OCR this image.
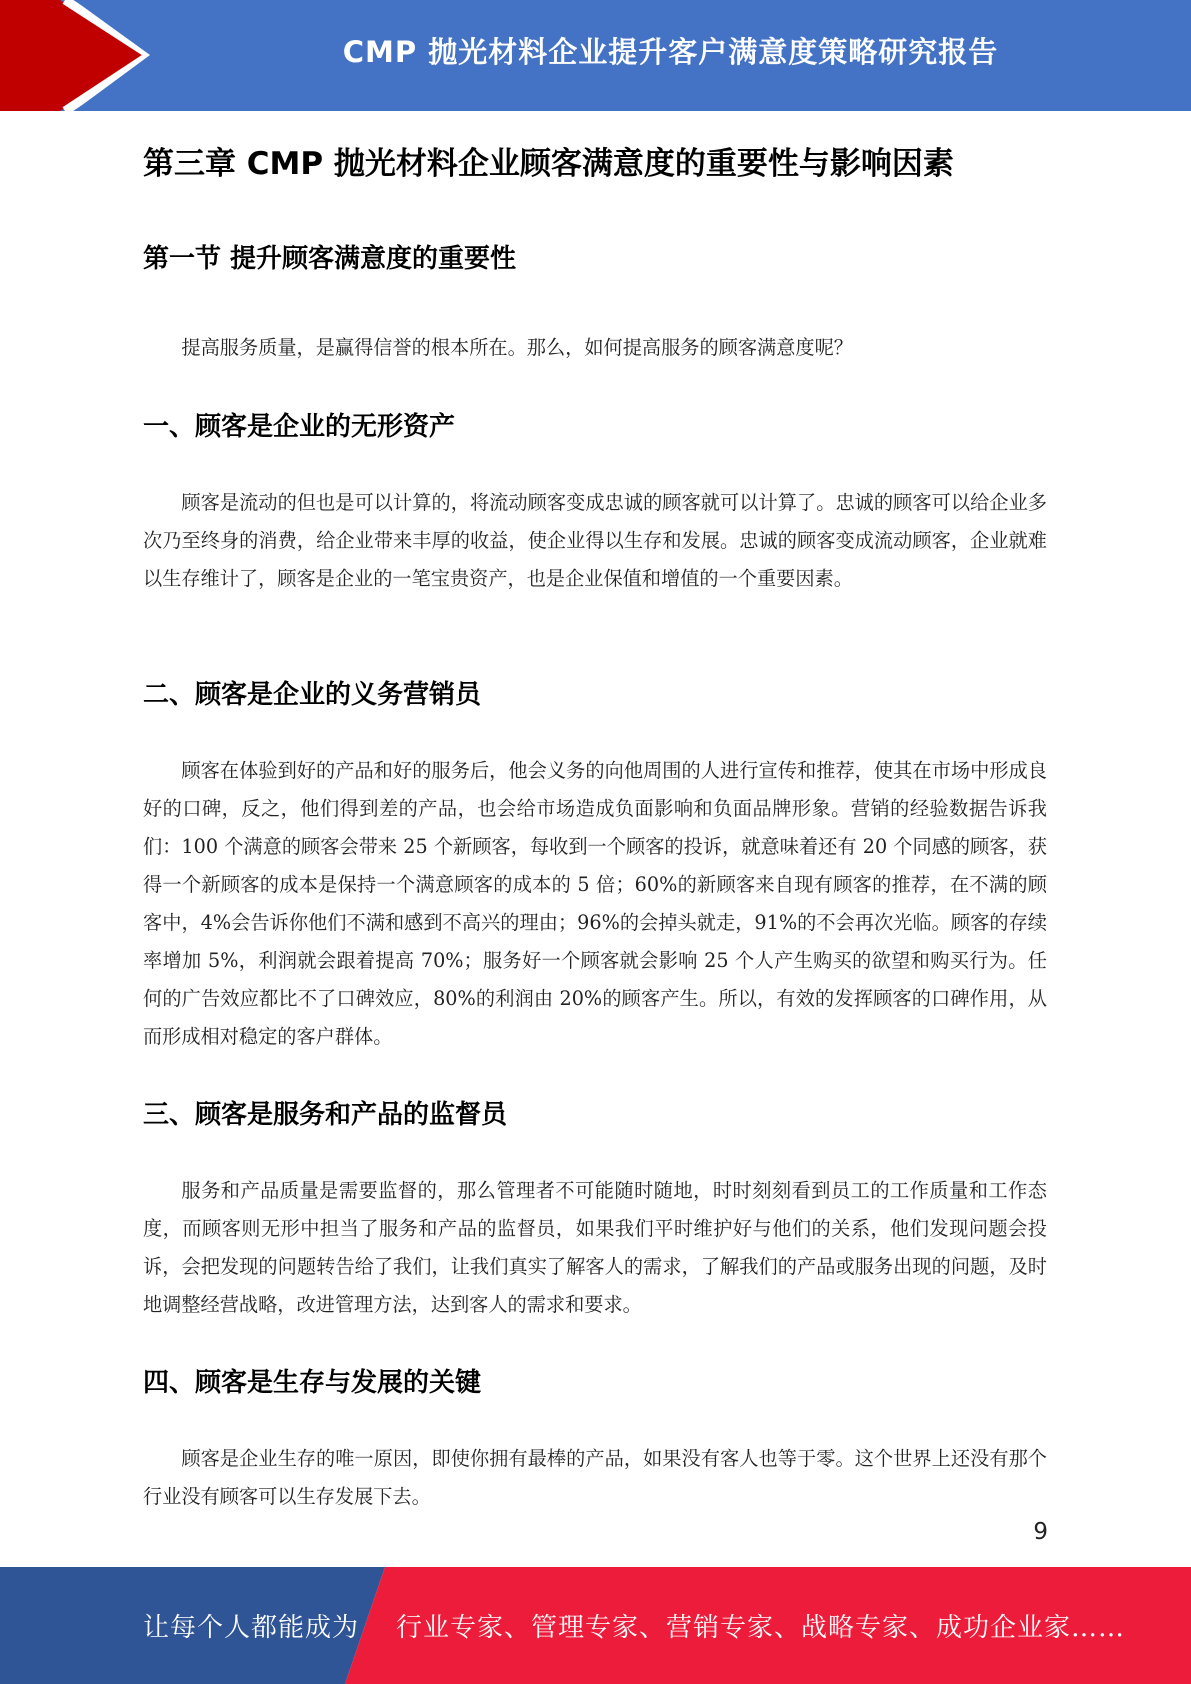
CMP 抛光材料企业提升客户满意度策略研究报告
第三章 CMP 抛光材料企业顾客满意度的重要性与影响因素
第一节 提升顾客满意度的重要性

提高服务质量，是赢得信誉的根本所在。那么，如何提高服务的顾客满意度呢？

一、顾客是企业的无形资产

顾客是流动的但也是可以计算的，将流动顾客变成忠诚的顾客就可以计算了。忠诚的顾客可以给企业多次乃至终身的消费，给企业带来丰厚的收益，使企业得以生存和发展。忠诚的顾客变成流动顾客，企业就难以生存维计了，顾客是企业的一笔宝贵资产，也是企业保值和增值的一个重要因素。

二、顾客是企业的义务营销员

顾客在体验到好的产品和好的服务后，他会义务的向他周围的人进行宣传和推荐，使其在市场中形成良好的口碑，反之，他们得到差的产品，也会给市场造成负面影响和负面品牌形象。营销的经验数据告诉我们：100 个满意的顾客会带来 25 个新顾客，每收到一个顾客的投诉，就意味着还有 20 个同感的顾客，获得一个新顾客的成本是保持一个满意顾客的成本的 5 倍；60%的新顾客来自现有顾客的推荐，在不满的顾客中，4%会告诉你他们不满和感到不高兴的理由；96%的会掉头就走，91%的不会再次光临。顾客的存续率增加 5%，利润就会跟着提高 70%；服务好一个顾客就会影响 25 个人产生购买的欲望和购买行为。任何的广告效应都比不了口碑效应，80%的利润由 20%的顾客产生。所以，有效的发挥顾客的口碑作用，从而形成相对稳定的客户群体。

三、顾客是服务和产品的监督员

服务和产品质量是需要监督的，那么管理者不可能随时随地，时时刻刻看到员工的工作质量和工作态度，而顾客则无形中担当了服务和产品的监督员，如果我们平时维护好与他们的关系，他们发现问题会投诉，会把发现的问题转告给了我们，让我们真实了解客人的需求，了解我们的产品或服务出现的问题，及时地调整经营战略，改进管理方法，达到客人的需求和要求。

四、顾客是生存与发展的关键

顾客是企业生存的唯一原因，即使你拥有最棒的产品，如果没有客人也等于零。这个世界上还没有那个行业没有顾客可以生存发展下去。

9
让每个人都能成为 行业专家、管理专家、营销专家、战略专家、成功企业家……
